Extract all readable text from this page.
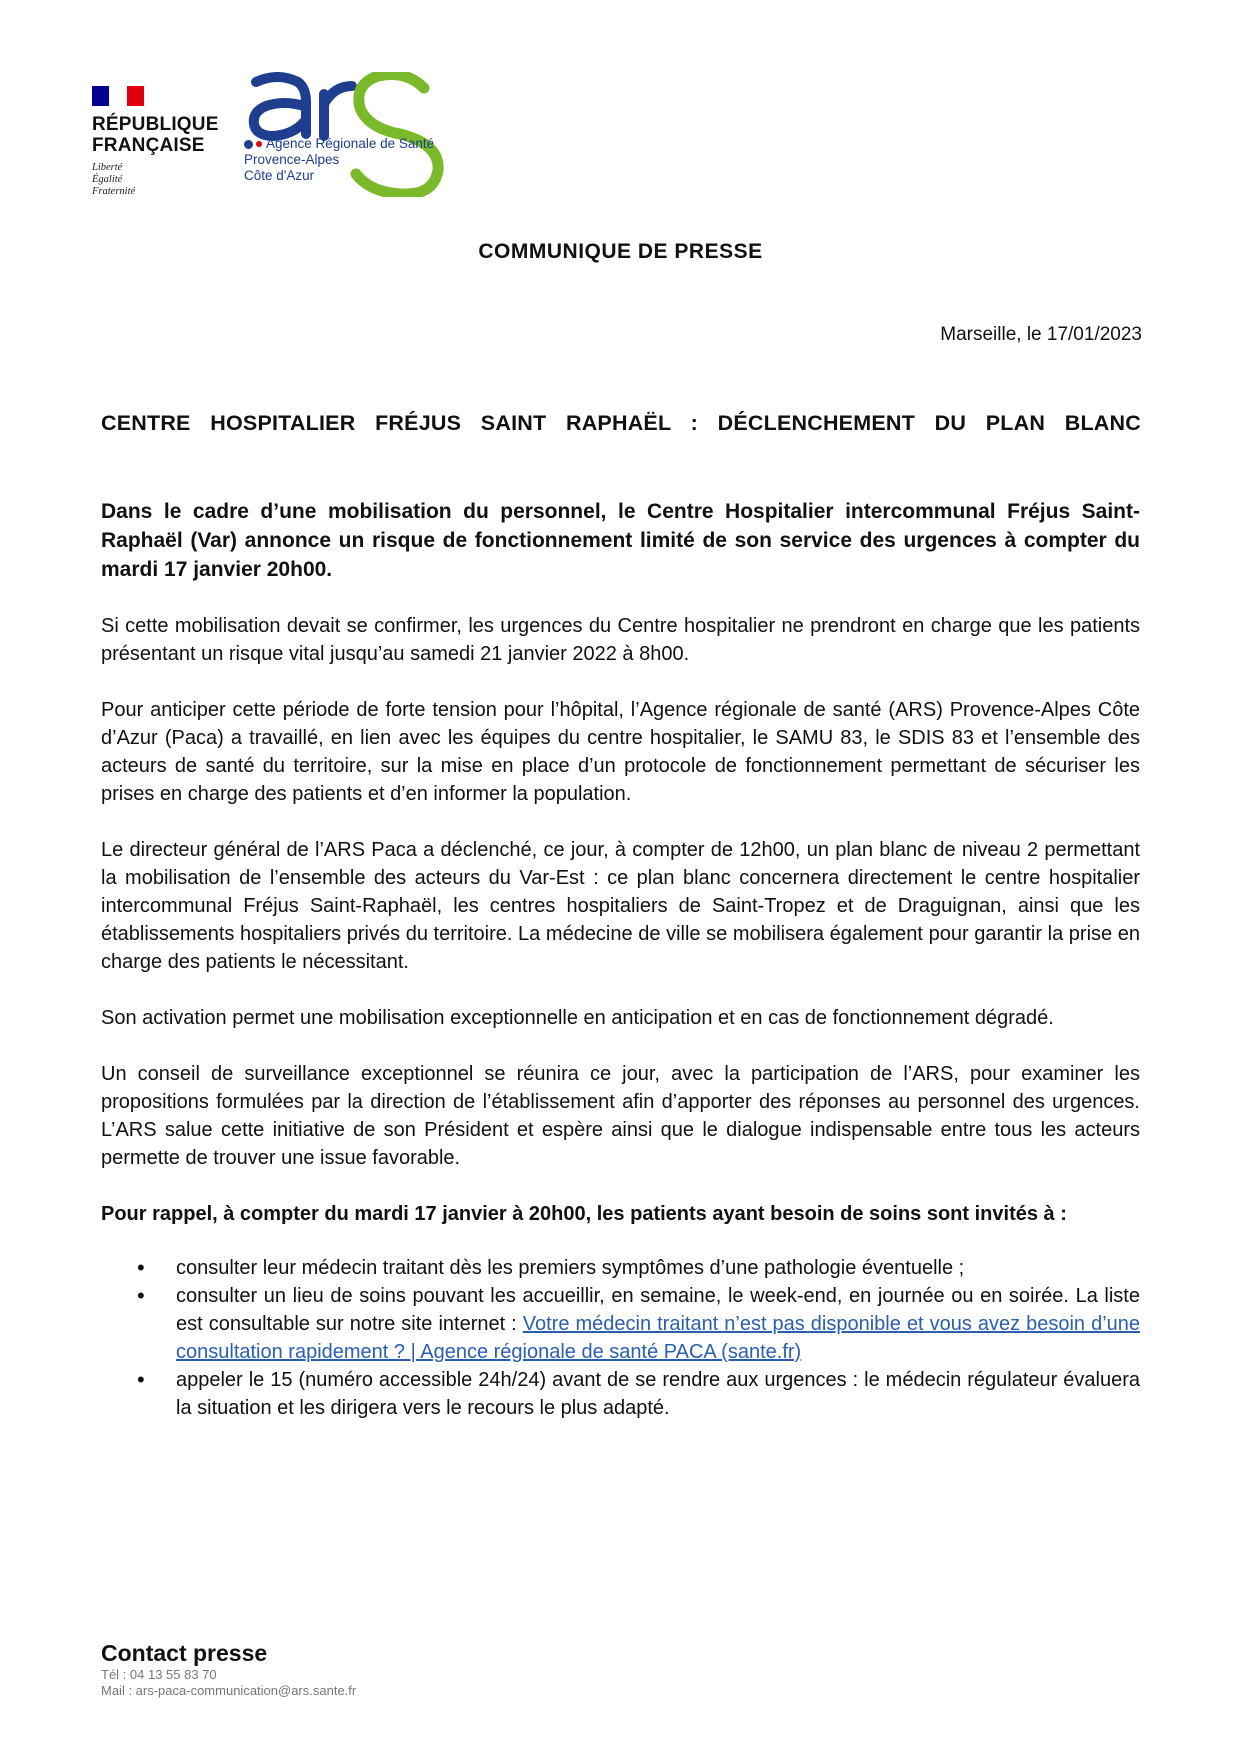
RÉPUBLIQUE
FRANÇAISE
Liberté
Égalité
Fraternité
Agence Régionale de Santé
Provence-Alpes
Côte d'Azur
COMMUNIQUE DE PRESSE
Marseille, le 17/01/2023
CENTRE HOSPITALIER FRÉJUS SAINT RAPHAËL : DÉCLENCHEMENT DU PLAN BLANC

Dans le cadre d’une mobilisation du personnel, le Centre Hospitalier intercommunal Fréjus Saint-Raphaël (Var) annonce un risque de fonctionnement limité de son service des urgences à compter du mardi 17 janvier 20h00.

Si cette mobilisation devait se confirmer, les urgences du Centre hospitalier ne prendront en charge que les patients présentant un risque vital jusqu’au samedi 21 janvier 2022 à 8h00.

Pour anticiper cette période de forte tension pour l’hôpital, l’Agence régionale de santé (ARS) Provence-Alpes Côte d’Azur (Paca) a travaillé, en lien avec les équipes du centre hospitalier, le SAMU 83, le SDIS 83 et l’ensemble des acteurs de santé du territoire, sur la mise en place d’un protocole de fonctionnement permettant de sécuriser les prises en charge des patients et d’en informer la population.

Le directeur général de l’ARS Paca a déclenché, ce jour, à compter de 12h00, un plan blanc de niveau 2 permettant la mobilisation de l’ensemble des acteurs du Var-Est : ce plan blanc concernera directement le centre hospitalier intercommunal Fréjus Saint-Raphaël, les centres hospitaliers de Saint-Tropez et de Draguignan, ainsi que les établissements hospitaliers privés du territoire. La médecine de ville se mobilisera également pour garantir la prise en charge des patients le nécessitant.

Son activation permet une mobilisation exceptionnelle en anticipation et en cas de fonctionnement dégradé.

Un conseil de surveillance exceptionnel se réunira ce jour, avec la participation de l’ARS, pour examiner les propositions formulées par la direction de l’établissement afin d’apporter des réponses au personnel des urgences. L’ARS salue cette initiative de son Président et espère ainsi que le dialogue indispensable entre tous les acteurs permette de trouver une issue favorable.

Pour rappel, à compter du mardi 17 janvier à 20h00, les patients ayant besoin de soins sont invités à :

• consulter leur médecin traitant dès les premiers symptômes d’une pathologie éventuelle ;
• consulter un lieu de soins pouvant les accueillir, en semaine, le week-end, en journée ou en soirée. La liste est consultable sur notre site internet : Votre médecin traitant n’est pas disponible et vous avez besoin d’une consultation rapidement ? | Agence régionale de santé PACA (sante.fr)
• appeler le 15 (numéro accessible 24h/24) avant de se rendre aux urgences : le médecin régulateur évaluera la situation et les dirigera vers le recours le plus adapté.
Contact presse
Tél : 04 13 55 83 70
Mail : ars-paca-communication@ars.sante.fr
